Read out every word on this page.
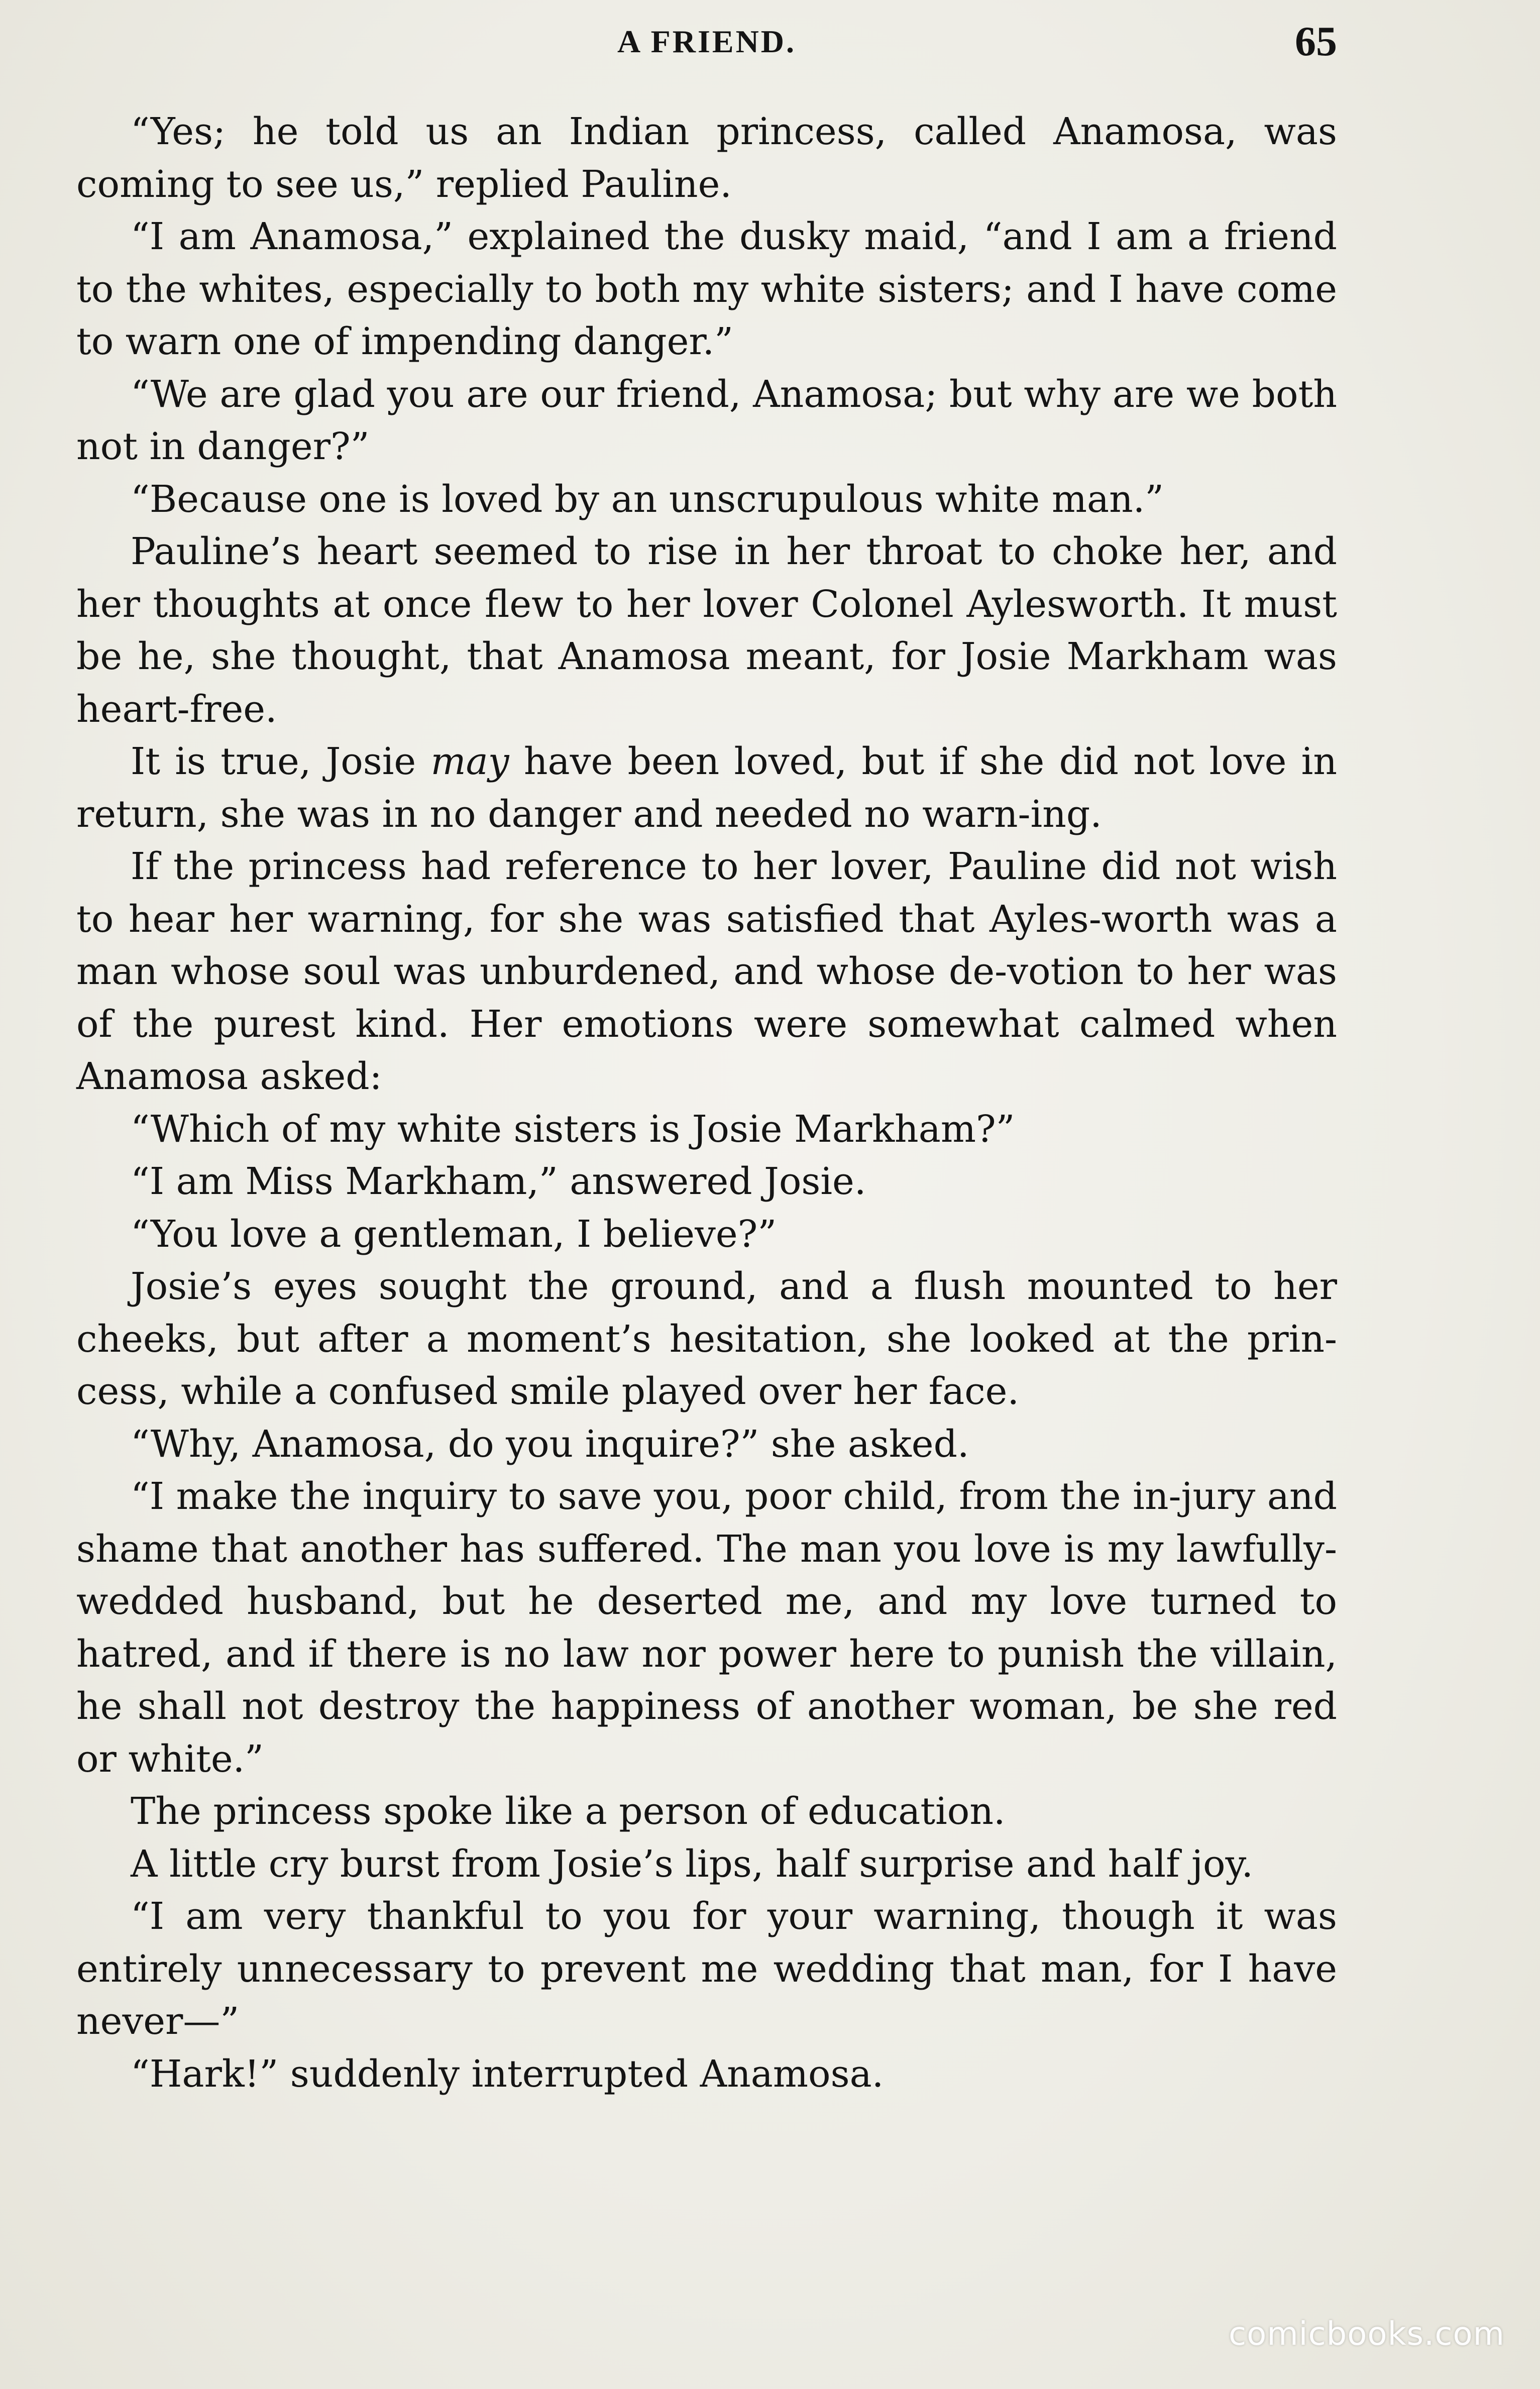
A FRIEND.	65

“Yes; he told us an Indian princess, called Anamosa, was coming to see us,” replied Pauline.

“I am Anamosa,” explained the dusky maid, “and I am a friend to the whites, especially to both my white sisters; and I have come to warn one of impending danger.”

“We are glad you are our friend, Anamosa; but why are we both not in danger?”

“Because one is loved by an unscrupulous white man.”

Pauline’s heart seemed to rise in her throat to choke her, and her thoughts at once flew to her lover Colonel Aylesworth. It must be he, she thought, that Anamosa meant, for Josie Markham was heart-free.

It is true, Josie may have been loved, but if she did not love in return, she was in no danger and needed no warn-ing.

If the princess had reference to her lover, Pauline did not wish to hear her warning, for she was satisfied that Ayles-worth was a man whose soul was unburdened, and whose de-votion to her was of the purest kind. Her emotions were somewhat calmed when Anamosa asked:

“Which of my white sisters is Josie Markham?”

“I am Miss Markham,” answered Josie.

“You love a gentleman, I believe?”

Josie’s eyes sought the ground, and a flush mounted to her cheeks, but after a moment’s hesitation, she looked at the prin-cess, while a confused smile played over her face.

“Why, Anamosa, do you inquire?” she asked.

“I make the inquiry to save you, poor child, from the in-jury and shame that another has suffered. The man you love is my lawfully-wedded husband, but he deserted me, and my love turned to hatred, and if there is no law nor power here to punish the villain, he shall not destroy the happiness of another woman, be she red or white.”

The princess spoke like a person of education.

A little cry burst from Josie’s lips, half surprise and half joy.

“I am very thankful to you for your warning, though it was entirely unnecessary to prevent me wedding that man, for I have never—”

“Hark!” suddenly interrupted Anamosa.

comicbooks.com
